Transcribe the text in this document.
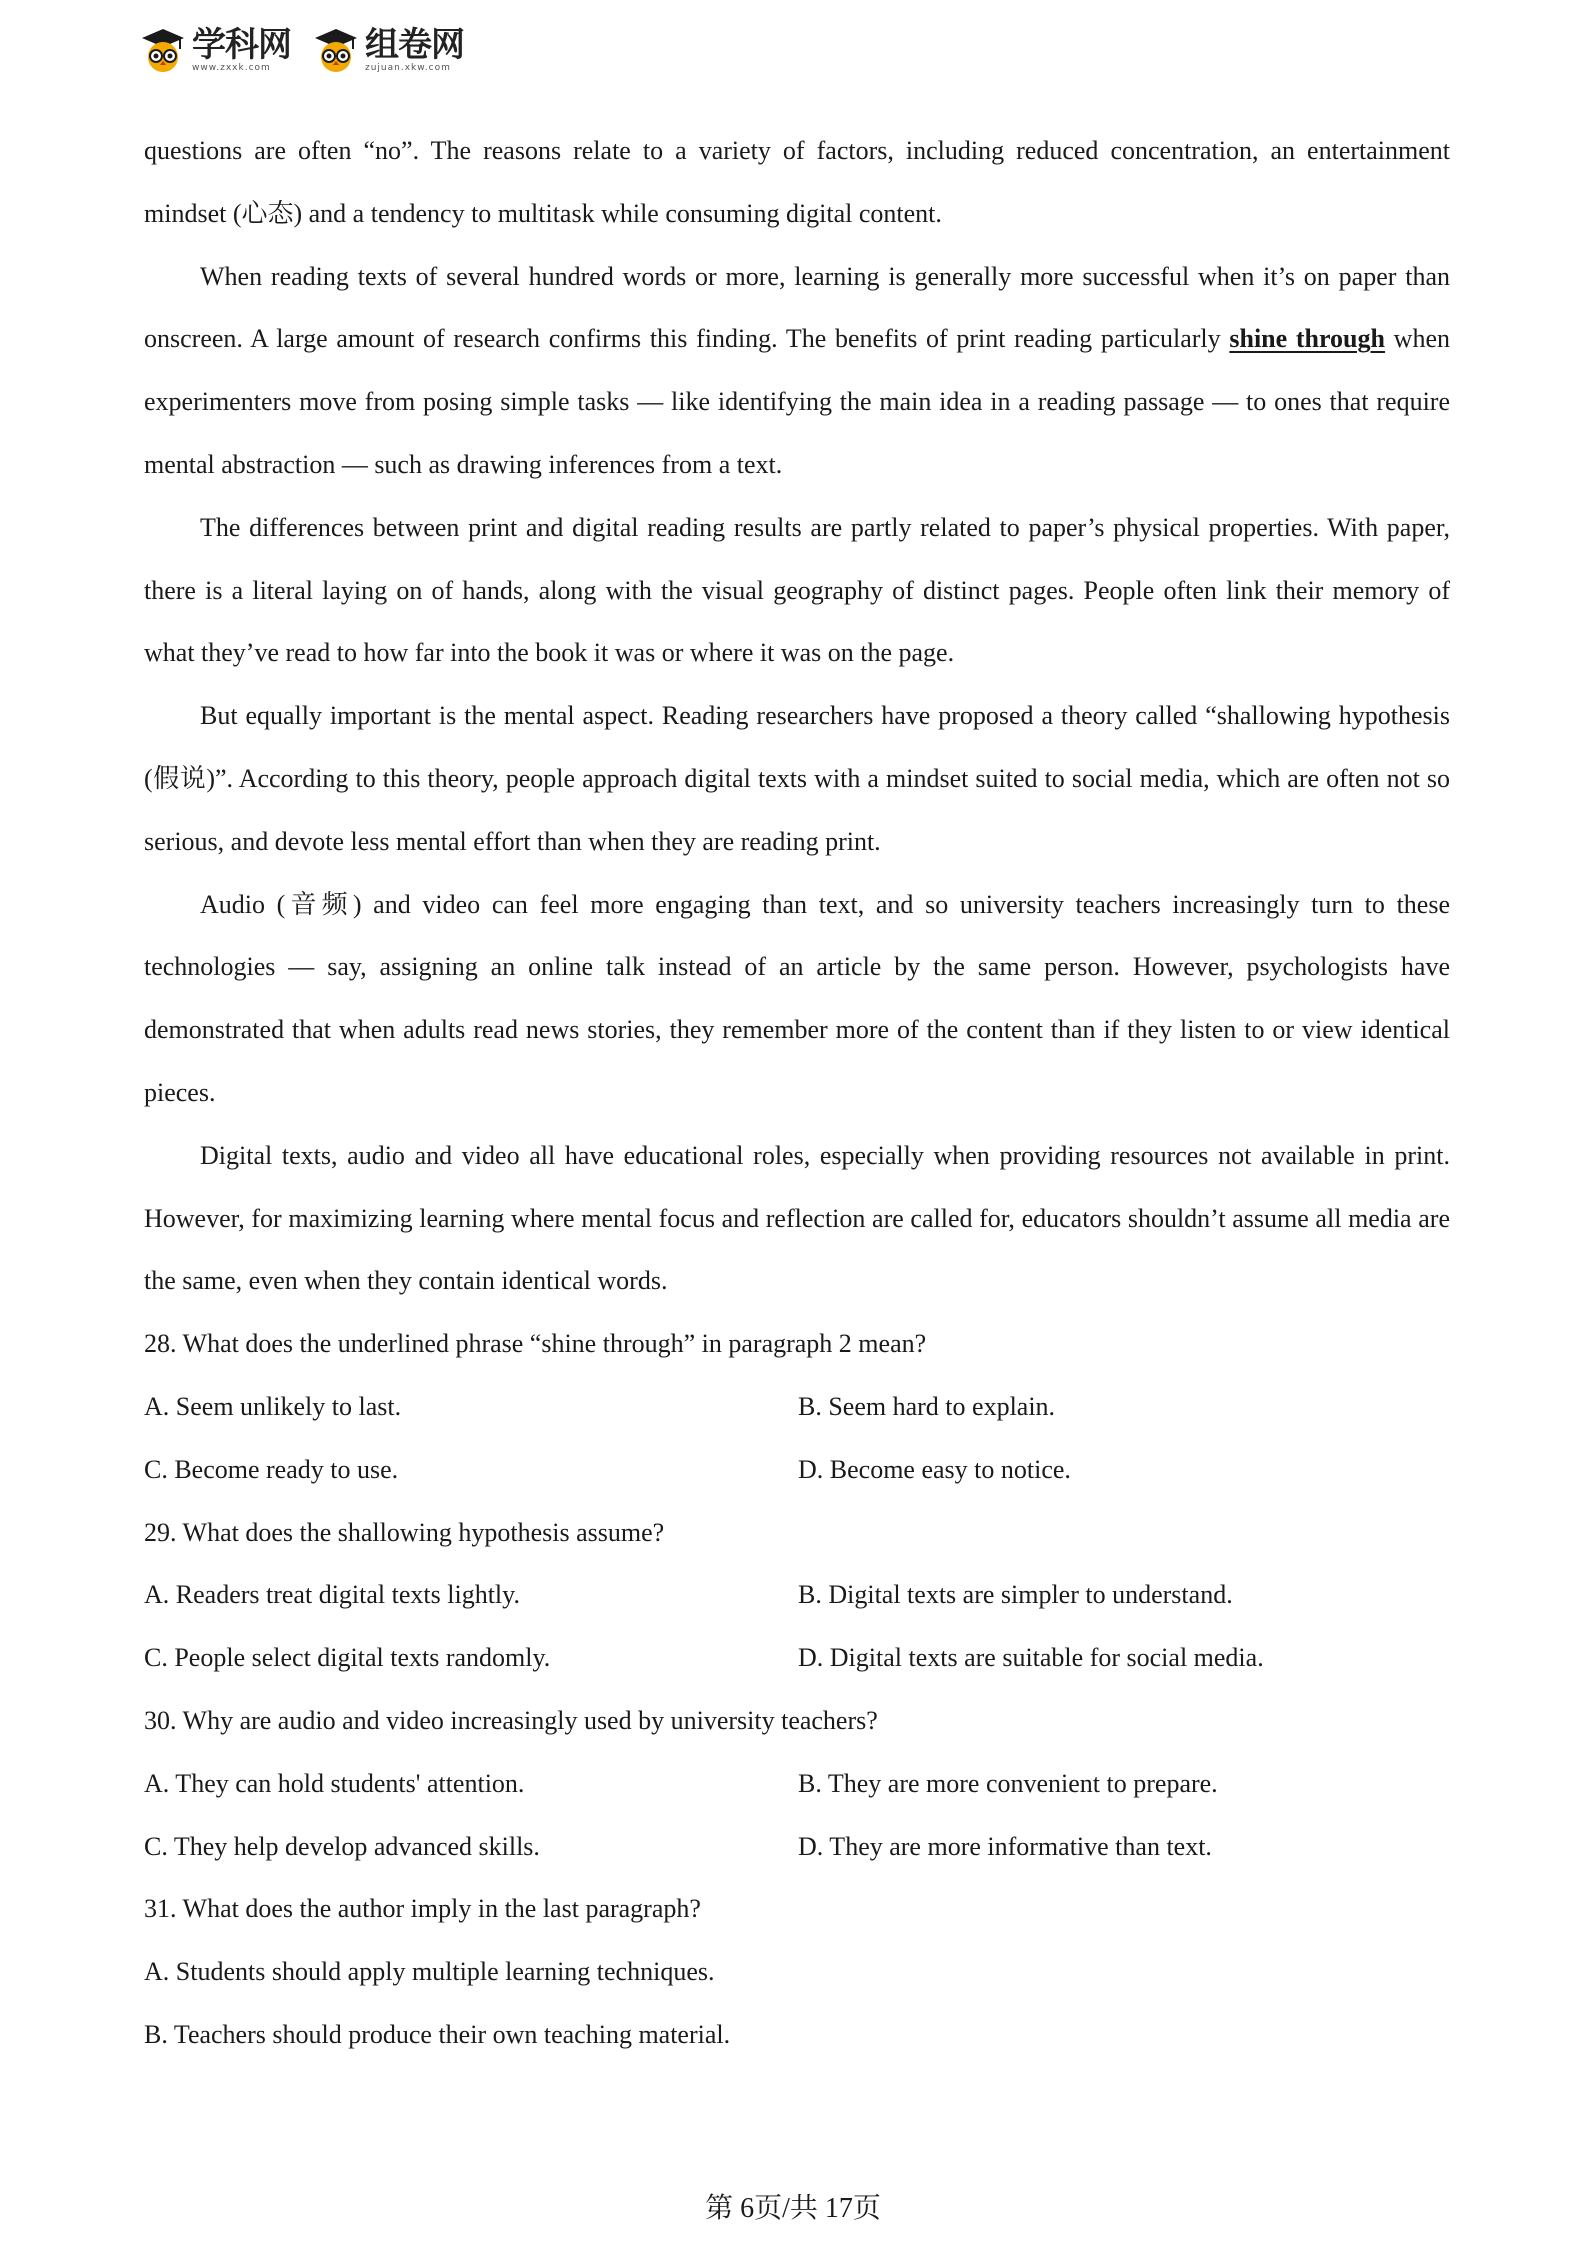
学科网
www.zxxk.com
组卷网
zujuan.xkw.com

questions are often “no”. The reasons relate to a variety of factors, including reduced concentration, an entertainment mindset (心态) and a tendency to multitask while consuming digital content.

When reading texts of several hundred words or more, learning is generally more successful when it’s on paper than onscreen. A large amount of research confirms this finding. The benefits of print reading particularly shine through when experimenters move from posing simple tasks — like identifying the main idea in a reading passage — to ones that require mental abstraction — such as drawing inferences from a text.

The differences between print and digital reading results are partly related to paper’s physical properties. With paper, there is a literal laying on of hands, along with the visual geography of distinct pages. People often link their memory of what they’ve read to how far into the book it was or where it was on the page.

But equally important is the mental aspect. Reading researchers have proposed a theory called “shallowing hypothesis (假说)”. According to this theory, people approach digital texts with a mindset suited to social media, which are often not so serious, and devote less mental effort than when they are reading print.

Audio (音频) and video can feel more engaging than text, and so university teachers increasingly turn to these technologies — say, assigning an online talk instead of an article by the same person. However, psychologists have demonstrated that when adults read news stories, they remember more of the content than if they listen to or view identical pieces.

Digital texts, audio and video all have educational roles, especially when providing resources not available in print. However, for maximizing learning where mental focus and reflection are called for, educators shouldn’t assume all media are the same, even when they contain identical words.

28. What does the underlined phrase “shine through” in paragraph 2 mean?

A. Seem unlikely to last.	B. Seem hard to explain.
C. Become ready to use.	D. Become easy to notice.

29. What does the shallowing hypothesis assume?

A. Readers treat digital texts lightly.	B. Digital texts are simpler to understand.
C. People select digital texts randomly.	D. Digital texts are suitable for social media.

30. Why are audio and video increasingly used by university teachers?

A. They can hold students' attention.	B. They are more convenient to prepare.
C. They help develop advanced skills.	D. They are more informative than text.

31. What does the author imply in the last paragraph?

A. Students should apply multiple learning techniques.
B. Teachers should produce their own teaching material.
第 6页/共 17页
